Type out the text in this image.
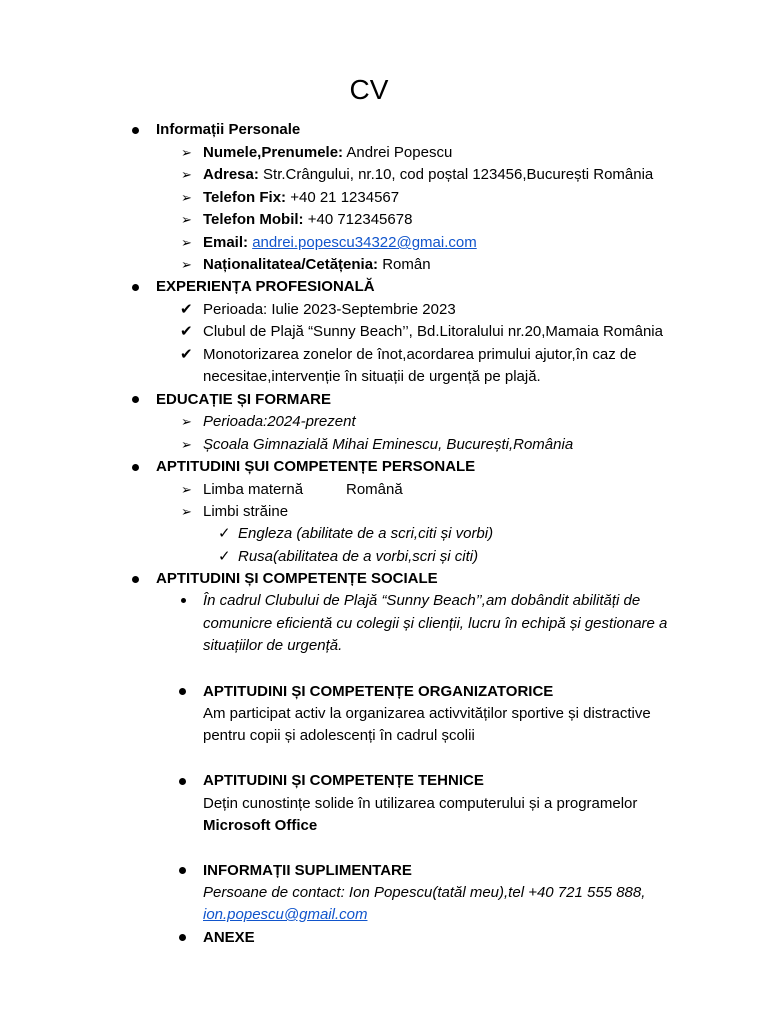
CV
Informații Personale
➢ Numele,Prenumele: Andrei Popescu
➢ Adresa: Str.Crângului, nr.10, cod poștal 123456,București România
➢ Telefon Fix: +40 21 1234567
➢ Telefon Mobil: +40 712345678
➢ Email: andrei.popescu34322@gmai.com
➢ Naționalitatea/Cetățenia: Român
EXPERIENȚA PROFESIONALĂ
✔ Perioada: Iulie 2023-Septembrie 2023
✔ Clubul de Plajă “Sunny Beach’’, Bd.Litoralului nr.20,Mamaia România
✔ Monotorizarea zonelor de înot,acordarea primului ajutor,în caz de
necesitae,intervenție în situații de urgență pe plajă.
EDUCAȚIE ȘI FORMARE
➢ Perioada:2024-prezent
➢ Școala Gimnazială Mihai Eminescu, București,România
APTITUDINI ȘUI COMPETENȚE PERSONALE
➢ Limba maternă	Română
➢ Limbi străine
✓ Engleza (abilitate de a scri,citi și vorbi)
✓ Rusa(abilitatea de a vorbi,scri și citi)
APTITUDINI ȘI COMPETENȚE SOCIALE
În cadrul Clubului de Plajă “Sunny Beach’’,am dobândit abilități de
comunicre eficientă cu colegii și clienții, lucru în echipă și gestionare a
situațiilor de urgență.
APTITUDINI ȘI COMPETENȚE ORGANIZATORICE
Am participat activ la organizarea activvităților sportive și distractive
pentru copii și adolescenți în cadrul școlii
APTITUDINI ȘI COMPETENȚE TEHNICE
Dețin cunostințe solide în utilizarea computerului și a programelor
Microsoft Office
INFORMAȚII SUPLIMENTARE
Persoane de contact: Ion Popescu(tatăl meu),tel +40 721 555 888,
ion.popescu@gmail.com
ANEXE
